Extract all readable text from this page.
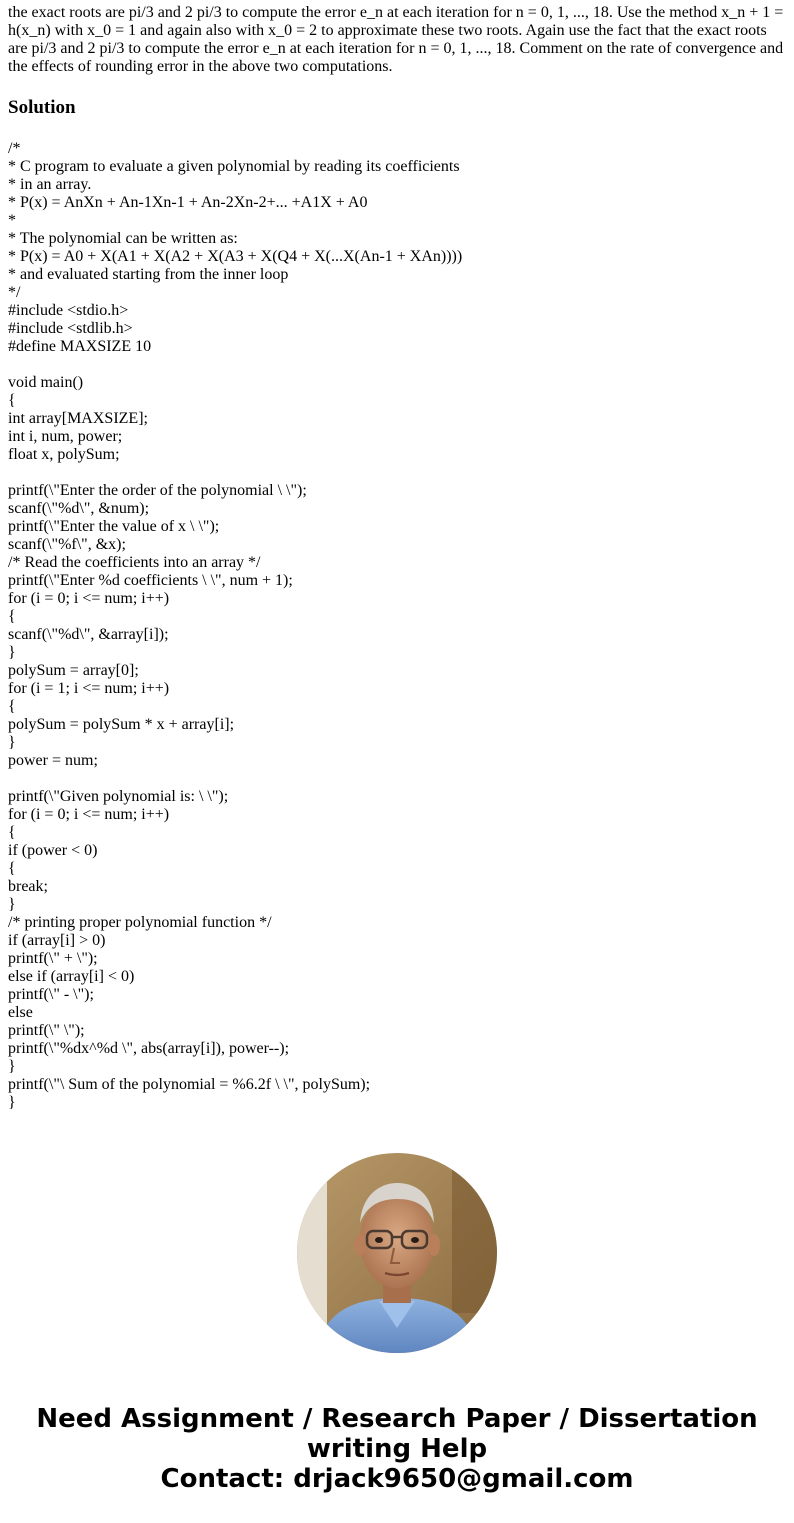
the exact roots are pi/3 and 2 pi/3 to compute the error e_n at each iteration for n = 0, 1, ..., 18. Use the method x_n + 1 =

h(x_n) with x_0 = 1 and again also with x_0 = 2 to approximate these two roots. Again use the fact that the exact roots

are pi/3 and 2 pi/3 to compute the error e_n at each iteration for n = 0, 1, ..., 18. Comment on the rate of convergence and

the effects of rounding error in the above two computations.

Solution
/*
* C program to evaluate a given polynomial by reading its coefficients
* in an array.
* P(x) = AnXn + An-1Xn-1 + An-2Xn-2+... +A1X + A0
*
* The polynomial can be written as:
* P(x) = A0 + X(A1 + X(A2 + X(A3 + X(Q4 + X(...X(An-1 + XAn))))
* and evaluated starting from the inner loop
*/
#include <stdio.h>
#include <stdlib.h>
#define MAXSIZE 10
void main()
{
int array[MAXSIZE];
int i, num, power;
float x, polySum;
printf(\"Enter the order of the polynomial \ \");
scanf(\"%d\", &num);
printf(\"Enter the value of x \ \");
scanf(\"%f\", &x);
/* Read the coefficients into an array */
printf(\"Enter %d coefficients \ \", num + 1);
for (i = 0; i <= num; i++)
{
scanf(\"%d\", &array[i]);
}
polySum = array[0];
for (i = 1; i <= num; i++)
{
polySum = polySum * x + array[i];
}
power = num;
printf(\"Given polynomial is: \ \");
for (i = 0; i <= num; i++)
{
if (power < 0)
{
break;
}
/* printing proper polynomial function */
if (array[i] > 0)
printf(\" + \");
else if (array[i] < 0)
printf(\" - \");
else
printf(\" \");
printf(\"%dx^%d \", abs(array[i]), power--);
}
printf(\"\ Sum of the polynomial = %6.2f \ \", polySum);
}
Need Assignment / Research Paper / Dissertation
writing Help
Contact: drjack9650@gmail.com
